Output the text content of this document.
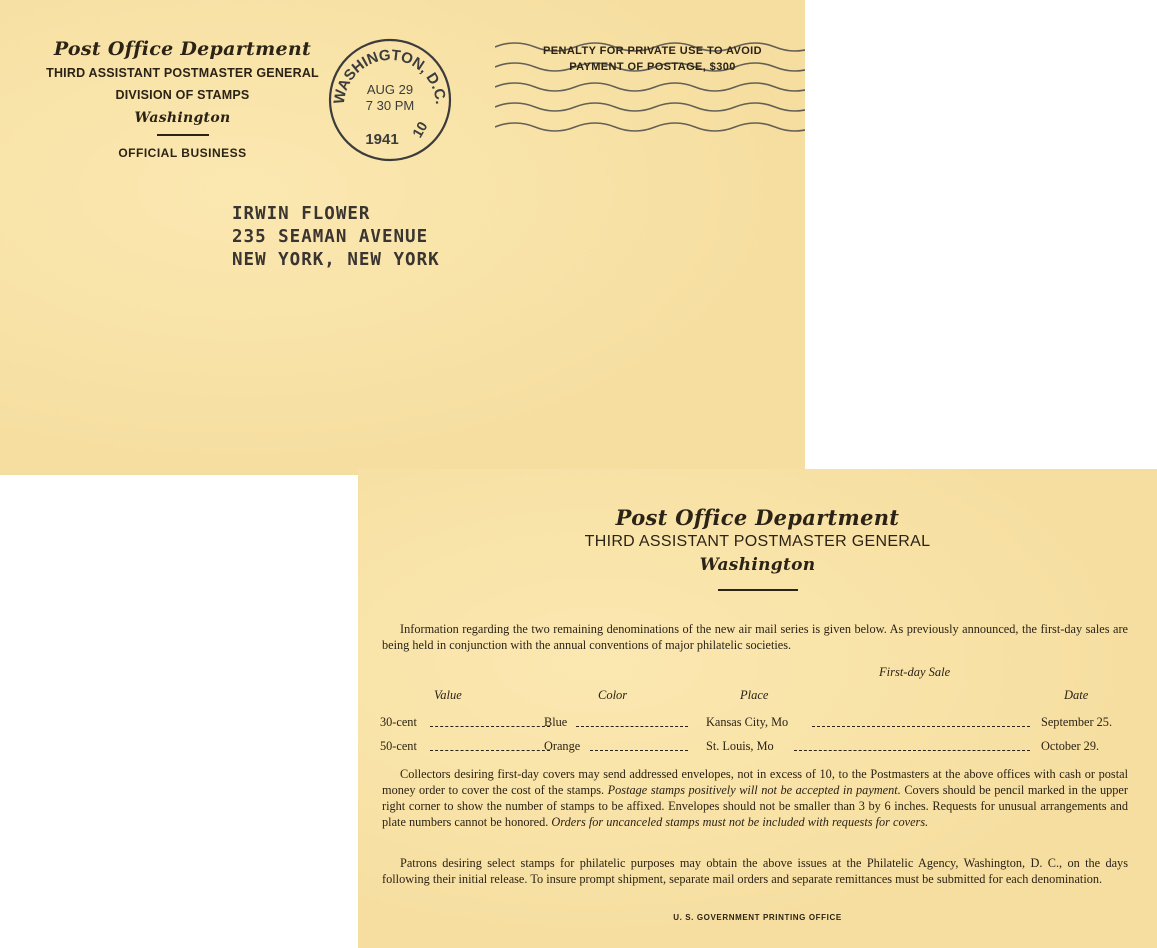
Post Office Department
THIRD ASSISTANT POSTMASTER GENERAL
DIVISION OF STAMPS
Washington
OFFICIAL BUSINESS
WASHINGTON, D.C.
AUG 29
7 30 PM
1941 10
PENALTY FOR PRIVATE USE TO AVOID
PAYMENT OF POSTAGE, $300
IRWIN FLOWER
235 SEAMAN AVENUE
NEW YORK, NEW YORK
Post Office Department
THIRD ASSISTANT POSTMASTER GENERAL
Washington
Information regarding the two remaining denominations of the new air mail series is given below. As previously announced, the first-day sales are being held in conjunction with the annual conventions of major philatelic societies.
First-day Sale
Value	Color	Place	Date
30-cent	Blue	Kansas City, Mo	September 25.
50-cent	Orange	St. Louis, Mo	October 29.
Collectors desiring first-day covers may send addressed envelopes, not in excess of 10, to the Postmasters at the above offices with cash or postal money order to cover the cost of the stamps. Postage stamps positively will not be accepted in payment. Covers should be pencil marked in the upper right corner to show the number of stamps to be affixed. Envelopes should not be smaller than 3 by 6 inches. Requests for unusual arrangements and plate numbers cannot be honored. Orders for uncanceled stamps must not be included with requests for covers.
Patrons desiring select stamps for philatelic purposes may obtain the above issues at the Philatelic Agency, Washington, D. C., on the days following their initial release. To insure prompt shipment, separate mail orders and separate remittances must be submitted for each denomination.
U. S. GOVERNMENT PRINTING OFFICE
